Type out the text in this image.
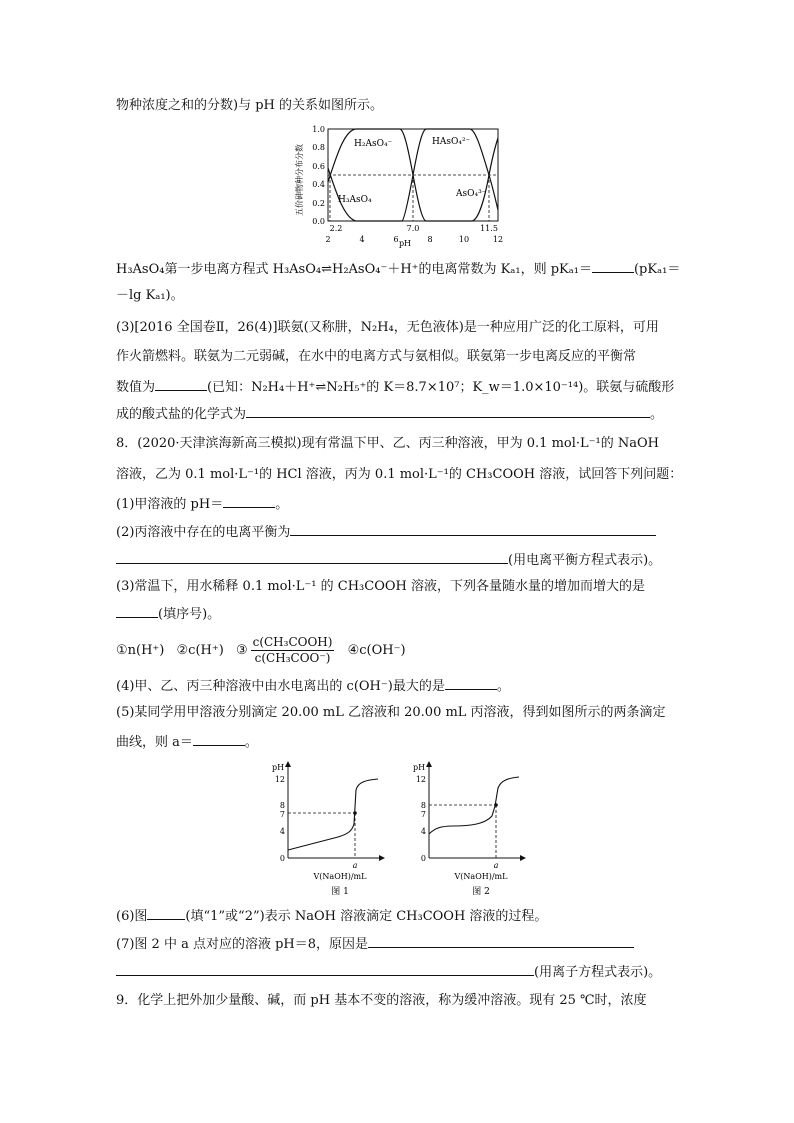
物种浓度之和的分数)与 pH 的关系如图所示。
五价砷物种分布分数
1.0
0.8
0.6
0.4
0.2
0.0
H₂AsO₄⁻	HAsO₄²⁻
H₃AsO₄
AsO₄³⁻
2	4	6	8	10	12
2.2	7.0	11.5
pH
H₃AsO₄第一步电离方程式 H₃AsO₄⇌H₂AsO₄⁻＋H⁺的电离常数为 Kₐ₁，则 pKₐ₁＝	(pKₐ₁＝
－lg Kₐ₁)。
(3)[2016 全国卷Ⅱ，26(4)]联氨(又称肼，N₂H₄，无色液体)是一种应用广泛的化工原料，可用
作火箭燃料。联氨为二元弱碱，在水中的电离方式与氨相似。联氨第一步电离反应的平衡常
数值为	(已知：N₂H₄＋H⁺⇌N₂H₅⁺的 K＝8.7×10⁷；K_w＝1.0×10⁻¹⁴)。联氨与硫酸形
成的酸式盐的化学式为	。
8．(2020·天津滨海新高三模拟)现有常温下甲、乙、丙三种溶液，甲为 0.1 mol·L⁻¹的 NaOH
溶液，乙为 0.1 mol·L⁻¹的 HCl 溶液，丙为 0.1 mol·L⁻¹的 CH₃COOH 溶液，试回答下列问题：
(1)甲溶液的 pH＝	。
(2)丙溶液中存在的电离平衡为
(用电离平衡方程式表示)。
(3)常温下，用水稀释 0.1 mol·L⁻¹ 的 CH₃COOH 溶液，下列各量随水量的增加而增大的是
(填序号)。
①n(H⁺) ②c(H⁺) ③ $\frac{\text{c(CH₃COOH)}}{\text{c(CH₃COO⁻)}}$ ④c(OH⁻)
(4)甲、乙、丙三种溶液中由水电离出的 c(OH⁻)最大的是	。
(5)某同学用甲溶液分别滴定 20.00 mL 乙溶液和 20.00 mL 丙溶液，得到如图所示的两条滴定
曲线，则 a＝	。
pH
12
8
7
4
0
a
V(NaOH)/mL
图 1
pH
12
8
7
4
0
a
V(NaOH)/mL
图 2
(6)图	(填“1”或“2”)表示 NaOH 溶液滴定 CH₃COOH 溶液的过程。
(7)图 2 中 a 点对应的溶液 pH＝8，原因是
(用离子方程式表示)。
9．化学上把外加少量酸、碱，而 pH 基本不变的溶液，称为缓冲溶液。现有 25 ℃时，浓度
